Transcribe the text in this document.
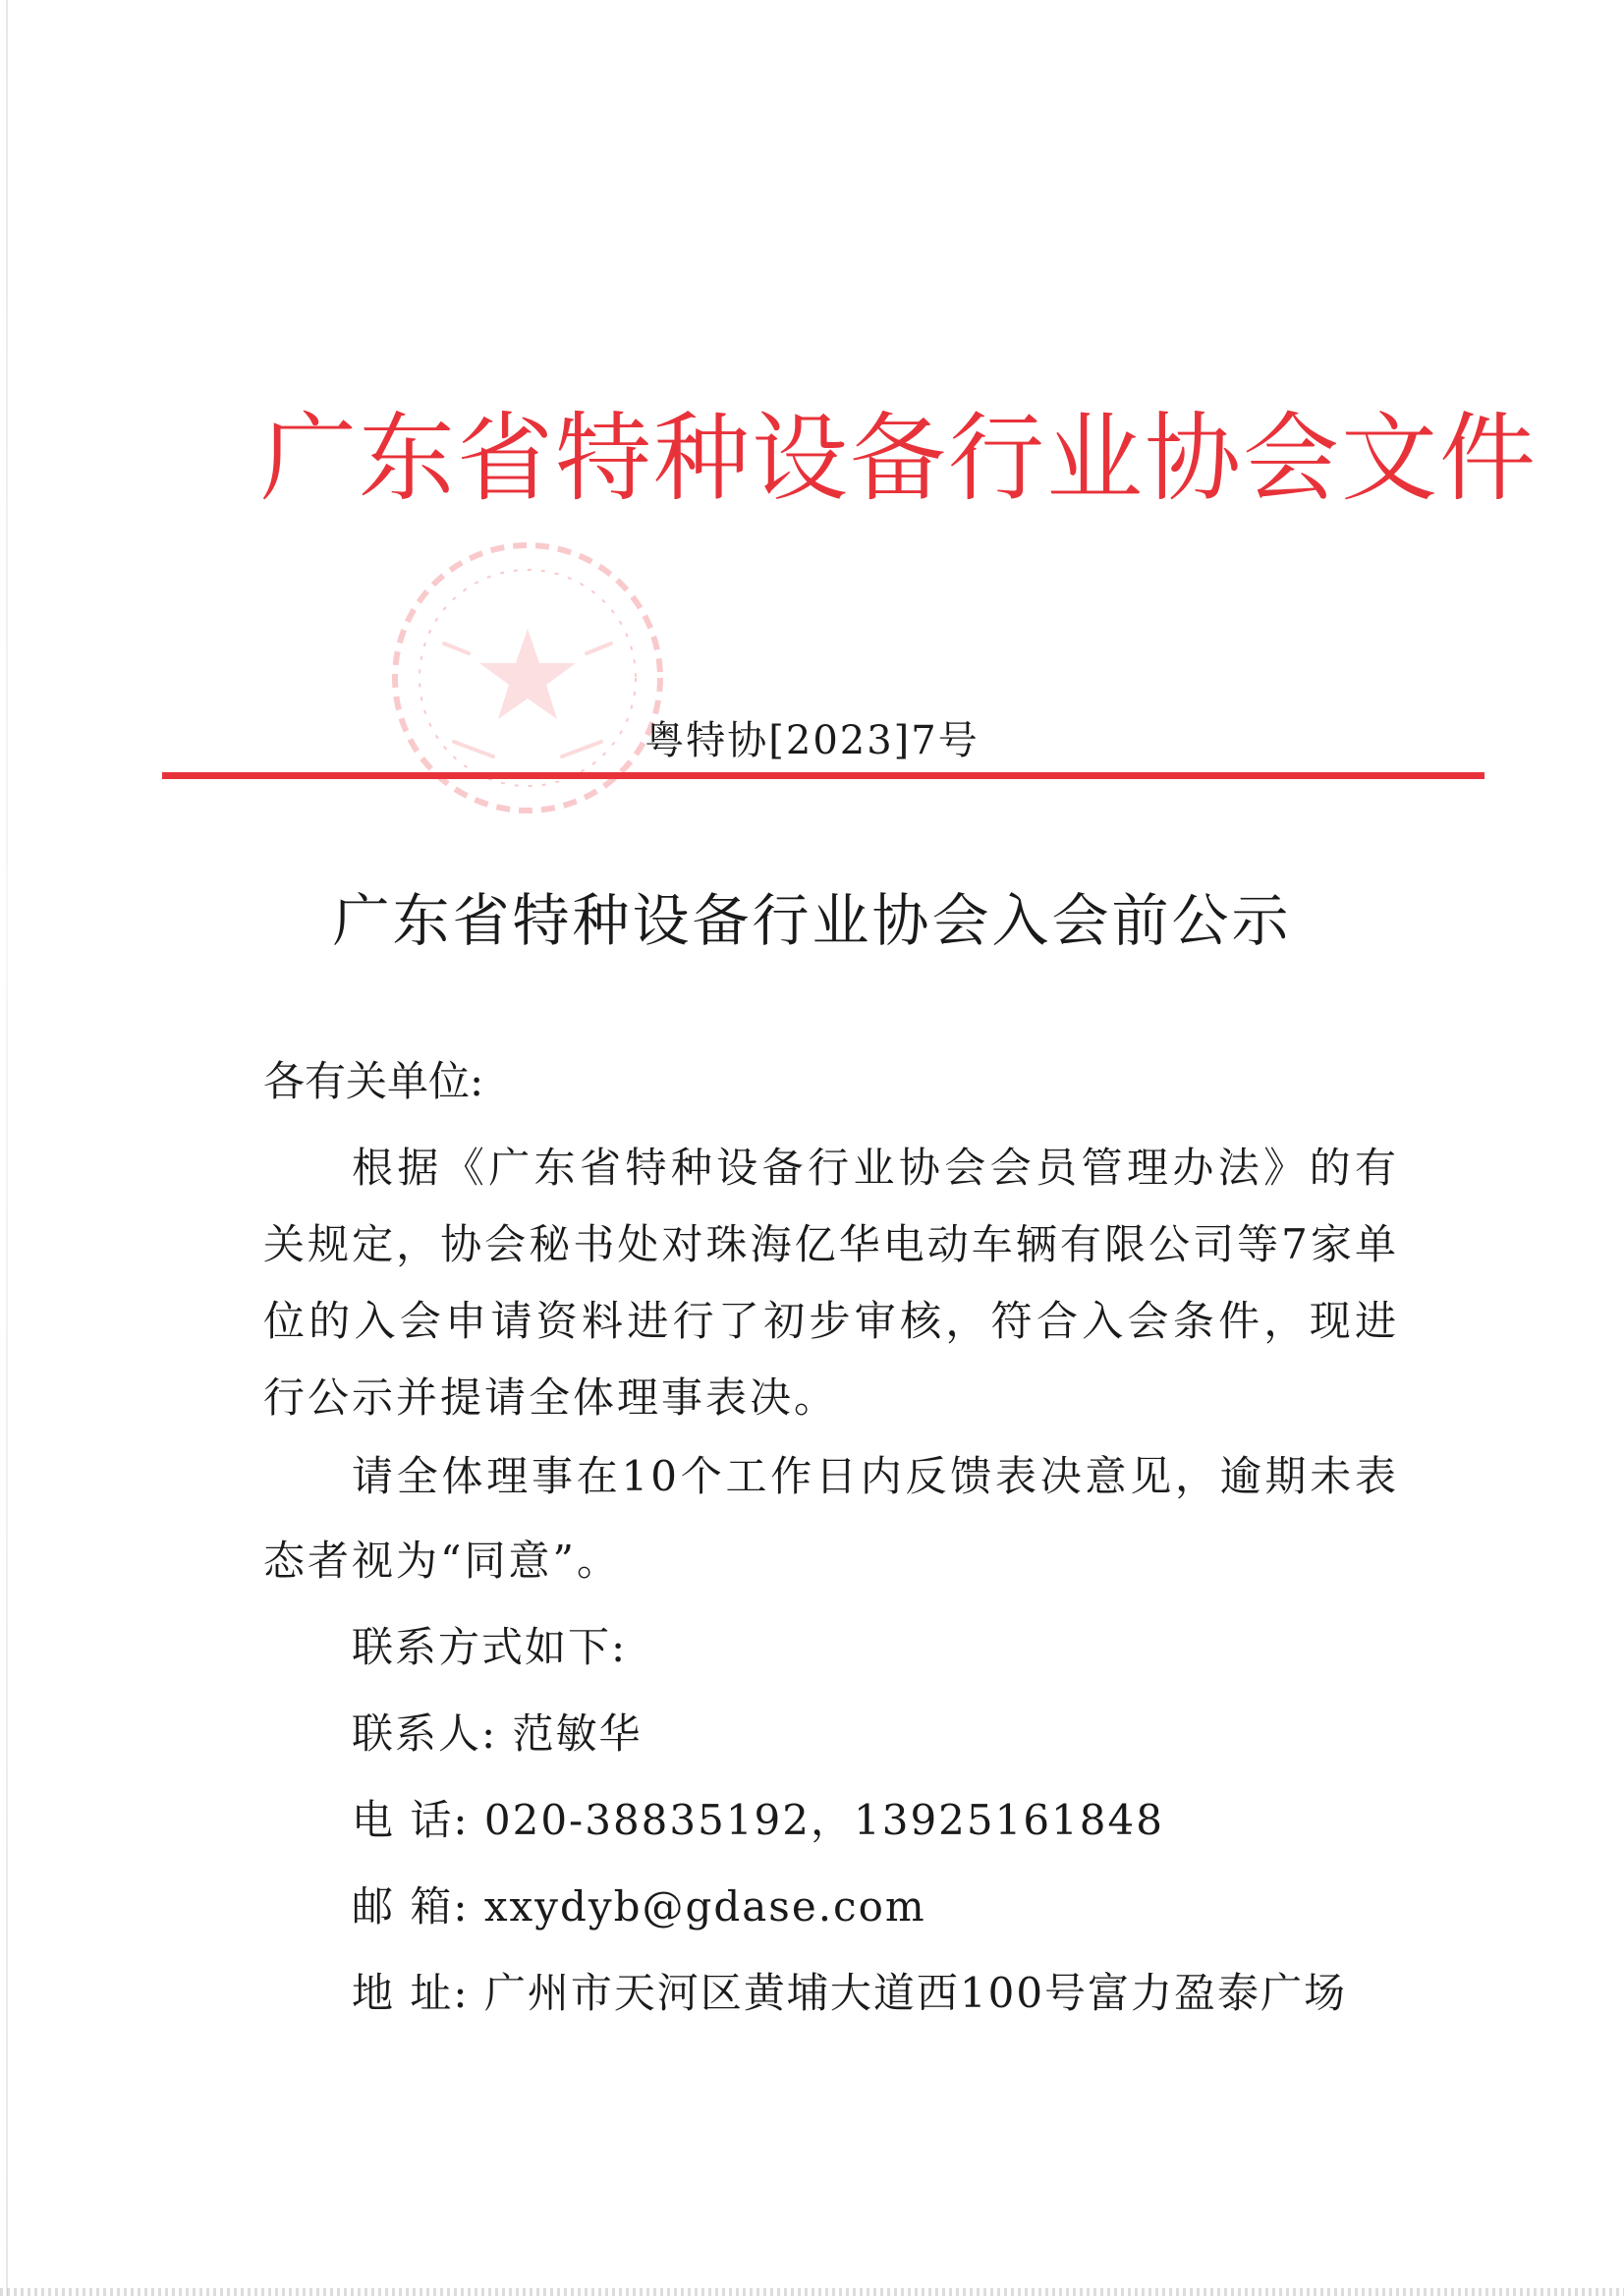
广东省特种设备行业协会文件
粤特协[2023]7号
广东省特种设备行业协会入会前公示
各有关单位:
根据《广东省特种设备行业协会会员管理办法》的有关规定，协会秘书处对珠海亿华电动车辆有限公司等7家单位的入会申请资料进行了初步审核，符合入会条件，现进行公示并提请全体理事表决。
请全体理事在10个工作日内反馈表决意见，逾期未表态者视为“同意”。
联系方式如下:
联系人: 范敏华
电 话: 020-38835192，13925161848
邮 箱: xxydyb@gdase.com
地 址: 广州市天河区黄埔大道西100号富力盈泰广场
